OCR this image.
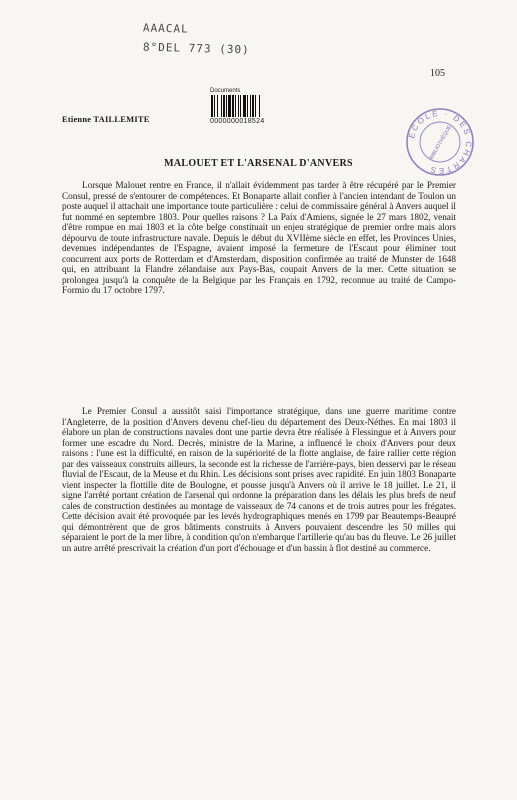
AAACAL
8°DEL 773 (30)
105
Documents
0000000018524
Etienne TAILLEMITE
ECOLE · DES CHARTES
BIBLIOTHÈQUE
MALOUET ET L'ARSENAL D'ANVERS

Lorsque Malouet rentre en France, il n'allait évidemment pas tarder à être récupéré par le Premier Consul, pressé de s'entourer de compétences. Et Bonaparte allait confier à l'ancien intendant de Toulon un poste auquel il attachait une importance toute particulière : celui de commissaire général à Anvers auquel il fut nommé en septembre 1803. Pour quelles raisons ? La Paix d'Amiens, signée le 27 mars 1802, venait d'être rompue en mai 1803 et la côte belge constituait un enjeu stratégique de premier ordre mais alors dépourvu de toute infrastructure navale. Depuis le début du XVIIème siècle en effet, les Provinces Unies, devenues indépendantes de l'Espagne, avaient imposé la fermeture de l'Escaut pour éliminer tout concurrent aux ports de Rotterdam et d'Amsterdam, disposition confirmée au traité de Munster de 1648 qui, en attribuant la Flandre zélandaise aux Pays-Bas, coupait Anvers de la mer. Cette situation se prolongea jusqu'à la conquête de la Belgique par les Français en 1792, reconnue au traité de Campo-Formio du 17 octobre 1797.

Le Premier Consul a aussitôt saisi l'importance stratégique, dans une guerre maritime contre l'Angleterre, de la position d'Anvers devenu chef-lieu du département des Deux-Néthes. En mai 1803 il élabore un plan de constructions navales dont une partie devra être réalisée à Flessingue et à Anvers pour former une escadre du Nord. Decrès, ministre de la Marine, a influencé le choix d'Anvers pour deux raisons : l'une est la difficulté, en raison de la supériorité de la flotte anglaise, de faire rallier cette région par des vaisseaux construits ailleurs, la seconde est la richesse de l'arrière-pays, bien desservi par le réseau fluvial de l'Escaut, de la Meuse et du Rhin. Les décisions sont prises avec rapidité. En juin 1803 Bonaparte vient inspecter la flottille dite de Boulogne, et pousse jusqu'à Anvers où il arrive le 18 juillet. Le 21, il signe l'arrêté portant création de l'arsenal qui ordonne la préparation dans les délais les plus brefs de neuf cales de construction destinées au montage de vaisseaux de 74 canons et de trois autres pour les frégates. Cette décision avait été provoquée par les levés hydrographiques menés en 1799 par Beautemps-Beaupré qui démontrèrent que de gros bâtiments construits à Anvers pouvaient descendre les 50 milles qui séparaient le port de la mer libre, à condition qu'on n'embarque l'artillerie qu'au bas du fleuve. Le 26 juillet un autre arrêté prescrivait la création d'un port d'échouage et d'un bassin à flot destiné au commerce.
